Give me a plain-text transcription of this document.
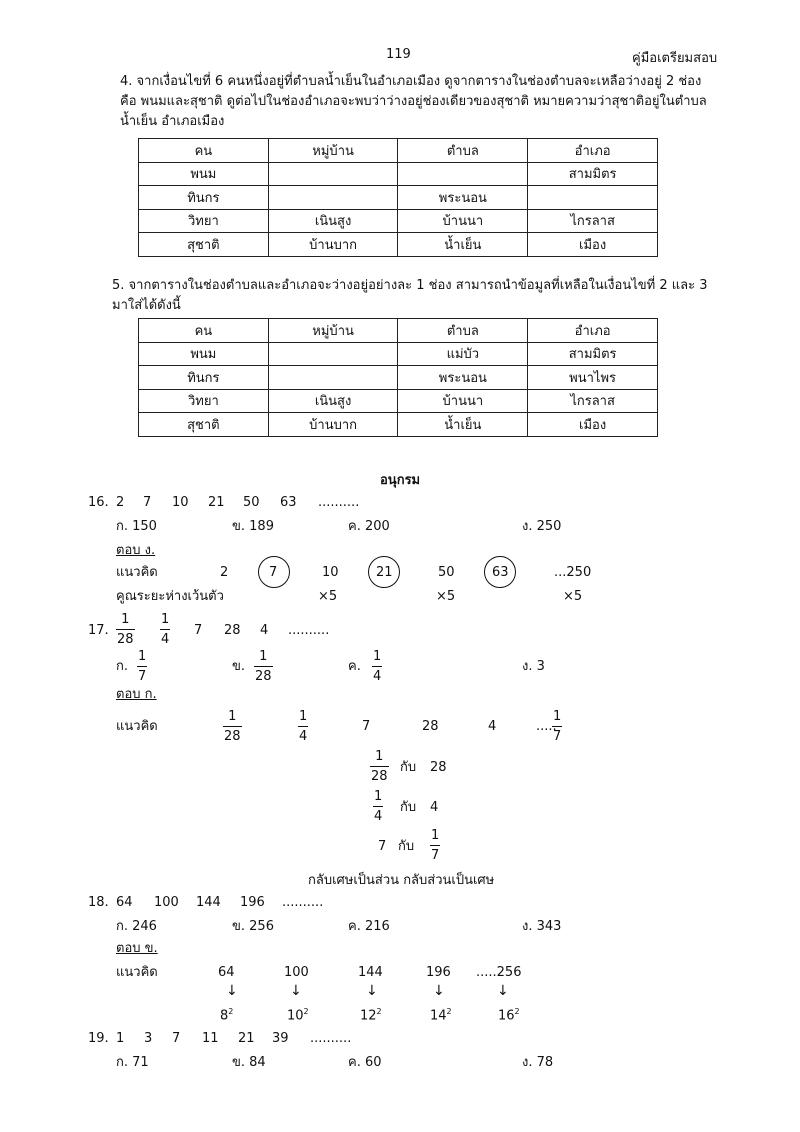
119	คู่มือเตรียมสอบ
4. จากเงื่อนไขที่ 6 คนหนึ่งอยู่ที่ตำบลน้ำเย็นในอำเภอเมือง ดูจากตารางในช่องตำบลจะเหลือว่างอยู่ 2 ช่อง คือ พนมและสุชาติ ดูต่อไปในช่องอำเภอจะพบว่าว่างอยู่ช่องเดียวของสุชาติ หมายความว่าสุชาติอยู่ในตำบลน้ำเย็น อำเภอเมือง
คน	หมู่บ้าน	ตำบล	อำเภอ
พนม			สามมิตร
ทินกร		พระนอน	
วิทยา	เนินสูง	บ้านนา	ไกรลาส
สุชาติ	บ้านบาก	น้ำเย็น	เมือง
5. จากตารางในช่องตำบลและอำเภอจะว่างอยู่อย่างละ 1 ช่อง สามารถนำข้อมูลที่เหลือในเงื่อนไขที่ 2 และ 3 มาใส่ได้ดังนี้
คน	หมู่บ้าน	ตำบล	อำเภอ
พนม		แม่บัว	สามมิตร
ทินกร		พระนอน	พนาไพร
วิทยา	เนินสูง	บ้านนา	ไกรลาส
สุชาติ	บ้านบาก	น้ำเย็น	เมือง
อนุกรม
16. 2 7 10 21 50 63 ..........
ก. 150	ข. 189	ค. 200	ง. 250
ตอบ ง.
แนวคิด	2	7	10	21	50	63	...250
คูณระยะห่างเว้นตัว	×5	×5	×5
17.
1
28
1
4
7 28 4 ..........
ก.
1
7
ข.
1
28
ค.
1
4
ง. 3
ตอบ ก.
แนวคิด
1
28
1
4
7	28	4	.....
1
7
1
28
กับ 28
1
4
กับ 4
7 กับ
1
7
กลับเศษเป็นส่วน กลับส่วนเป็นเศษ
18. 64 100 144 196 ..........
ก. 246	ข. 256	ค. 216	ง. 343
ตอบ ข.
แนวคิด	64	100	144	196 .....256
↓	↓	↓	↓	↓
$8^2$	$10^2$	$12^2$	$14^2$	$16^2$
19. 1 3 7 11 21 39 ..........
ก. 71	ข. 84	ค. 60	ง. 78
